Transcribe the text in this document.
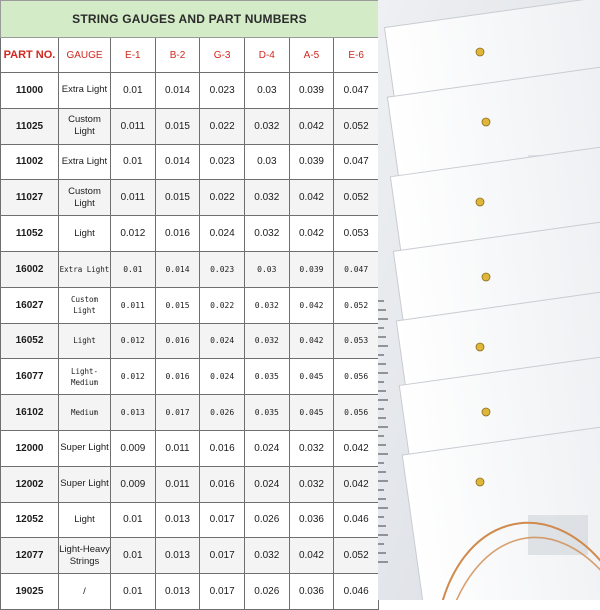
STRING GAUGES AND PART NUMBERS							
PART NO.	GAUGE	E-1	B-2	G-3	D-4	A-5	E-6
11000	Extra Light	0.01	0.014	0.023	0.03	0.039	0.047
11025	Custom Light	0.011	0.015	0.022	0.032	0.042	0.052
11002	Extra Light	0.01	0.014	0.023	0.03	0.039	0.047
11027	Custom Light	0.011	0.015	0.022	0.032	0.042	0.052
11052	Light	0.012	0.016	0.024	0.032	0.042	0.053
16002	Extra Light	0.01	0.014	0.023	0.03	0.039	0.047
16027	Custom Light	0.011	0.015	0.022	0.032	0.042	0.052
16052	Light	0.012	0.016	0.024	0.032	0.042	0.053
16077	Light-Medium	0.012	0.016	0.024	0.035	0.045	0.056
16102	Medium	0.013	0.017	0.026	0.035	0.045	0.056
12000	Super Light	0.009	0.011	0.016	0.024	0.032	0.042
12002	Super Light	0.009	0.011	0.016	0.024	0.032	0.042
12052	Light	0.01	0.013	0.017	0.026	0.036	0.046
12077	Light-Heavy Strings	0.01	0.013	0.017	0.032	0.042	0.052
19025	/	0.01	0.013	0.017	0.026	0.036	0.046
